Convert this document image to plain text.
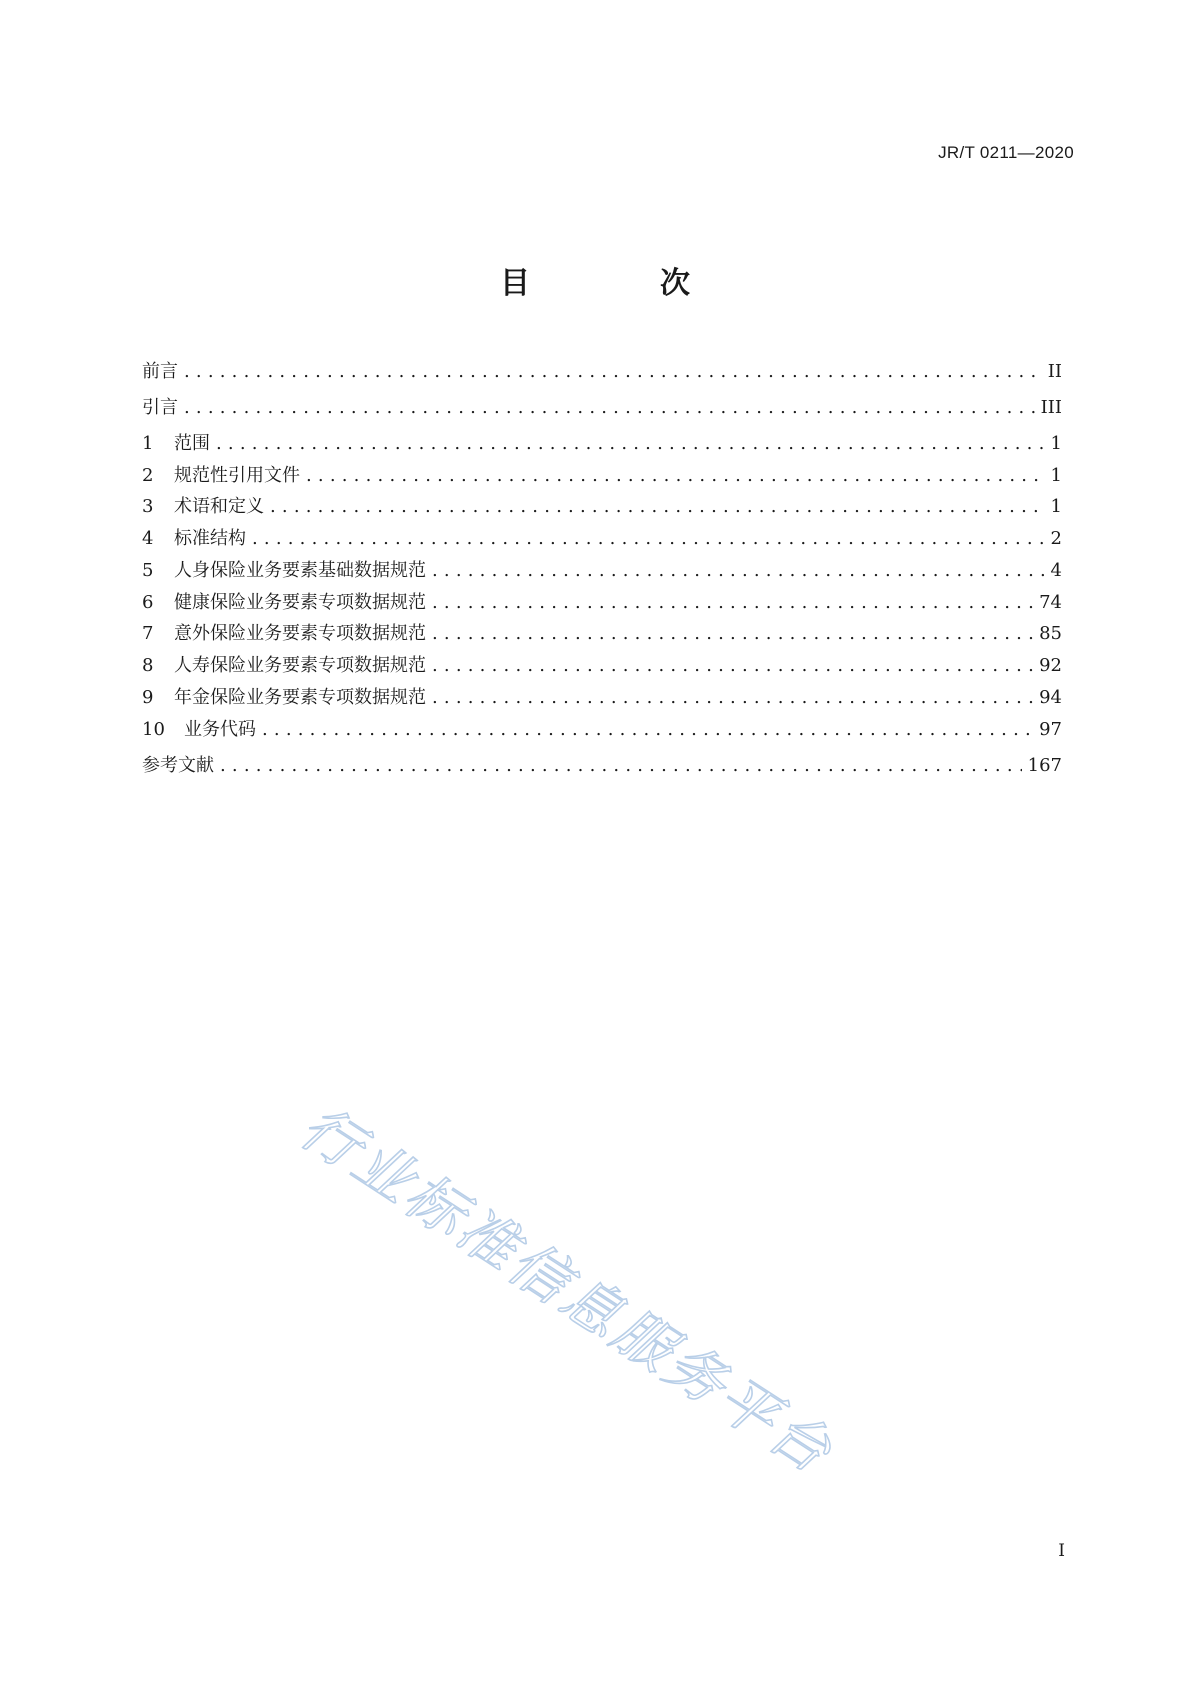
JR/T 0211—2020
目　次
前言 .....	II
引言 .....	III
1	范围 .....	1
2	规范性引用文件 .....	1
3	术语和定义 .....	1
4	标准结构 .....	2
5	人身保险业务要素基础数据规范 .....	4
6	健康保险业务要素专项数据规范 .....	74
7	意外保险业务要素专项数据规范 .....	85
8	人寿保险业务要素专项数据规范 .....	92
9	年金保险业务要素专项数据规范 .....	94
10	业务代码 .....	97
参考文献 .....	167
行业标准信息服务平台
I
